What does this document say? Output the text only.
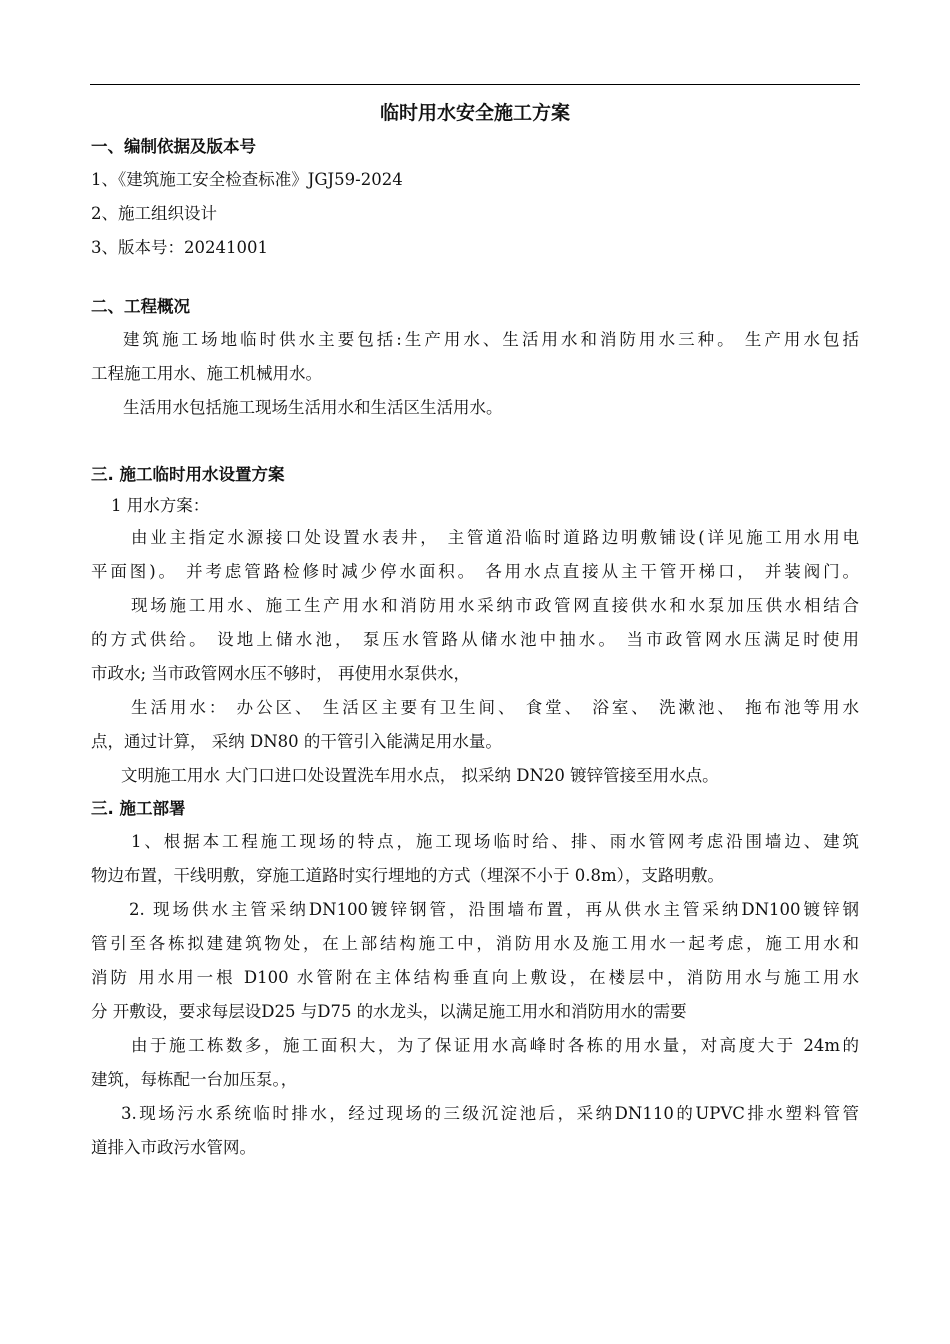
临时用水安全施工方案
一、编制依据及版本号
1、《建筑施工安全检查标准》JGJ59-2024
2、施工组织设计
3、版本号：20241001
二、工程概况
建筑施工场地临时供水主要包括:生产用水、生活用水和消防用水三种。 生产用水包括
工程施工用水、施工机械用水。
生活用水包括施工现场生活用水和生活区生活用水。
三. 施工临时用水设置方案
1 用水方案：
由业主指定水源接口处设置水表井， 主管道沿临时道路边明敷铺设(详见施工用水用电
平面图)。 并考虑管路检修时减少停水面积。 各用水点直接从主干管开梯口， 并装阀门。
现场施工用水、施工生产用水和消防用水采纳市政管网直接供水和水泵加压供水相结合
的方式供给。 设地上储水池， 泵压水管路从储水池中抽水。 当市政管网水压满足时使用
市政水; 当市政管网水压不够时， 再使用水泵供水，
生活用水： 办公区、 生活区主要有卫生间、 食堂、 浴室、 洗漱池、 拖布池等用水
点，通过计算， 采纳 DN80 的干管引入能满足用水量。
文明施工用水 大门口进口处设置洗车用水点， 拟采纳 DN20 镀锌管接至用水点。
三. 施工部署
1、根据本工程施工现场的特点，施工现场临时给、排、雨水管网考虑沿围墙边、建筑
物边布置，干线明敷，穿施工道路时实行埋地的方式（埋深不小于 0.8m），支路明敷。
2. 现场供水主管采纳DN100镀锌钢管，沿围墙布置，再从供水主管采纳DN100镀锌钢
管引至各栋拟建建筑物处，在上部结构施工中，消防用水及施工用水一起考虑，施工用水和
消防 用水用一根 D100 水管附在主体结构垂直向上敷设，在楼层中，消防用水与施工用水
分 开敷设，要求每层设D25 与D75 的水龙头，以满足施工用水和消防用水的需要
由于施工栋数多，施工面积大，为了保证用水高峰时各栋的用水量，对高度大于 24m的
建筑，每栋配一台加压泵。，
3.现场污水系统临时排水，经过现场的三级沉淀池后，采纳DN110的UPVC排水塑料管管
道排入市政污水管网。
